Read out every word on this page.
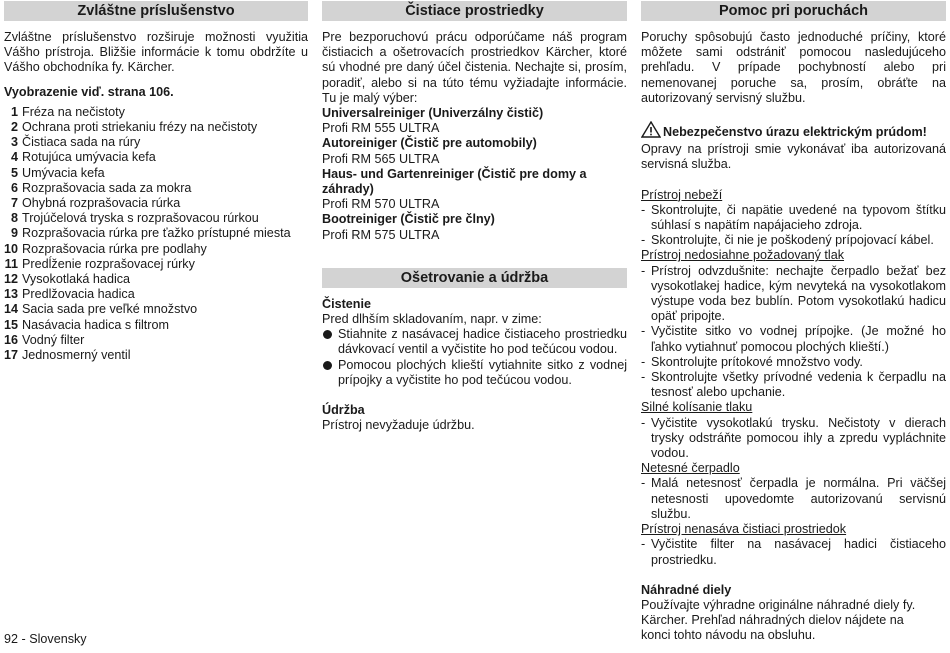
Zvláštne príslušenstvo

Zvláštne príslušenstvo rozširuje možnosti využitia Vášho prístroja. Bližšie informácie k tomu obdržíte u Vášho obchodníka fy. Kärcher.

Vyobrazenie viď. strana 106.

1 Fréza na nečistoty
2 Ochrana proti striekaniu frézy na nečistoty
3 Čistiaca sada na rúry
4 Rotujúca umývacia kefa
5 Umývacia kefa
6 Rozprašovacia sada za mokra
7 Ohybná rozprašovacia rúrka
8 Trojúčelová tryska s rozprašovacou rúrkou
9 Rozprašovacia rúrka pre ťažko prístupné miesta
10 Rozprašovacia rúrka pre podlahy
11 Predĺženie rozprašovacej rúrky
12 Vysokotlaká hadica
13 Predlžovacia hadica
14 Sacia sada pre veľké množstvo
15 Nasávacia hadica s filtrom
16 Vodný filter
17 Jednosmerný ventil
Čistiace prostriedky

Pre bezporuchovú prácu odporúčame náš program čistiacich a ošetrovacích prostriedkov Kärcher, ktoré sú vhodné pre daný účel čistenia. Nechajte si, prosím, poradiť, alebo si na túto tému vyžiadajte informácie. Tu je malý výber:

Universalreiniger (Univerzálny čistič)

Profi RM 555 ULTRA

Autoreiniger (Čistič pre automobily)

Profi RM 565 ULTRA

Haus- und Gartenreiniger (Čistič pre domy a záhrady)

Profi RM 570 ULTRA

Bootreiniger (Čistič pre člny)

Profi RM 575 ULTRA

Ošetrovanie a údržba

Čistenie

Pred dlhším skladovaním, napr. v zime:

Stiahnite z nasávacej hadice čistiaceho prostriedku dávkovací ventil a vyčistite ho pod tečúcou vodou.

Pomocou plochých klieští vytiahnite sitko z vodnej prípojky a vyčistite ho pod tečúcou vodou.

Údržba

Prístroj nevyžaduje údržbu.

Pomoc pri poruchách

Poruchy spôsobujú často jednoduché príčiny, ktoré môžete sami odstrániť pomocou nasledujúceho prehľadu. V prípade pochybností alebo pri nemenovanej poruche sa, prosím, obráťte na autorizovaný servisný službu.

Nebezpečenstvo úrazu elektrickým prúdom!

Opravy na prístroji smie vykonávať iba autorizovaná servisná služba.

Prístroj nebeží

- Skontrolujte, či napätie uvedené na typovom štítku súhlasí s napätím napájacieho zdroja.

- Skontrolujte, či nie je poškodený prípojovací kábel.

Prístroj nedosiahne požadovaný tlak

- Prístroj odvzdušnite: nechajte čerpadlo bežať bez vysokotlakej hadice, kým nevyteká na vysokotlakom výstupe voda bez bublín. Potom vysokotlakú hadicu opäť pripojte.

- Vyčistite sitko vo vodnej prípojke. (Je možné ho ľahko vytiahnuť pomocou plochých klieští.)

- Skontrolujte prítokové množstvo vody.

- Skontrolujte všetky prívodné vedenia k čerpadlu na tesnosť alebo upchanie.

Silné kolísanie tlaku

- Vyčistite vysokotlakú trysku. Nečistoty v dierach trysky odstráňte pomocou ihly a zpredu vypláchnite vodou.

Netesné čerpadlo

- Malá netesnosť čerpadla je normálna. Pri väčšej netesnosti upovedomte autorizovanú servisnú službu.

Prístroj nenasáva čistiaci prostriedok

- Vyčistite filter na nasávacej hadici čistiaceho prostriedku.

Náhradné diely

Používajte výhradne originálne náhradné diely fy. Kärcher. Prehľad náhradných dielov nájdete na konci tohto návodu na obsluhu.

92 - Slovensky
